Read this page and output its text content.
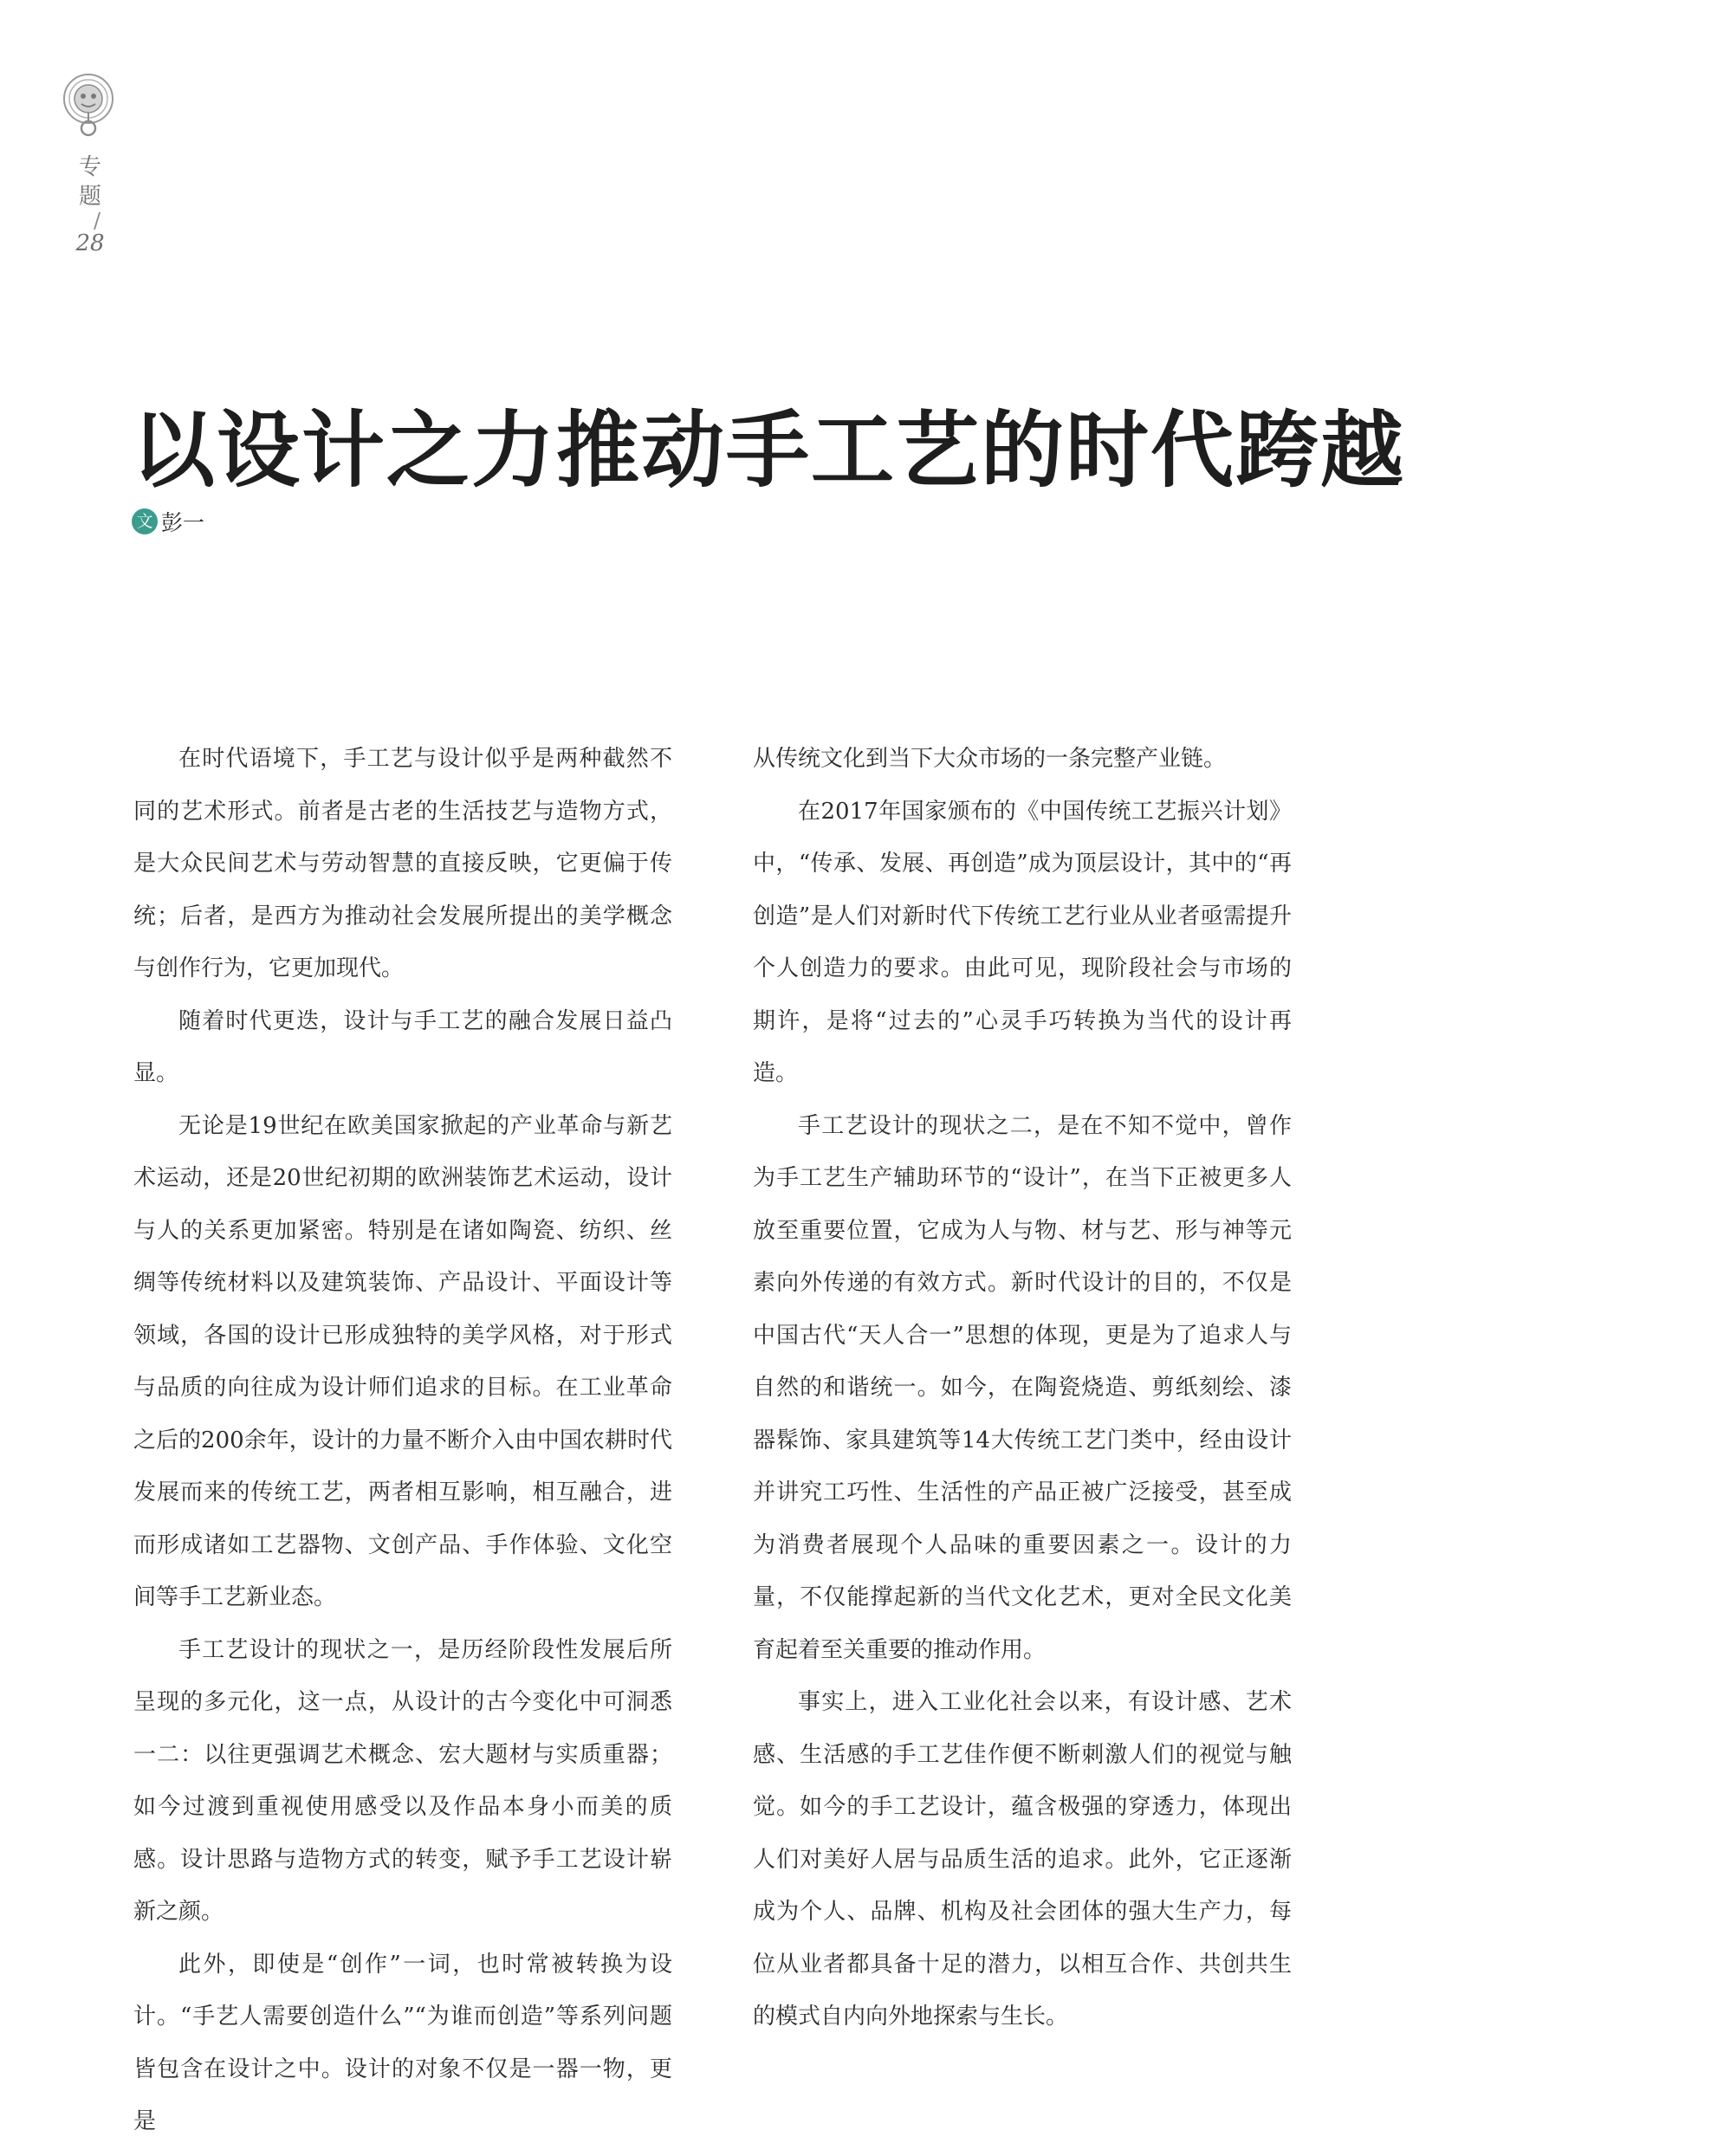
专
题
/
28
以设计之力推动手工艺的时代跨越
文 彭一

在时代语境下，手工艺与设计似乎是两种截然不同的艺术形式。前者是古老的生活技艺与造物方式，是大众民间艺术与劳动智慧的直接反映，它更偏于传统；后者，是西方为推动社会发展所提出的美学概念与创作行为，它更加现代。

随着时代更迭，设计与手工艺的融合发展日益凸显。

无论是19世纪在欧美国家掀起的产业革命与新艺术运动，还是20世纪初期的欧洲装饰艺术运动，设计与人的关系更加紧密。特别是在诸如陶瓷、纺织、丝绸等传统材料以及建筑装饰、产品设计、平面设计等领域，各国的设计已形成独特的美学风格，对于形式与品质的向往成为设计师们追求的目标。在工业革命之后的200余年，设计的力量不断介入由中国农耕时代发展而来的传统工艺，两者相互影响，相互融合，进而形成诸如工艺器物、文创产品、手作体验、文化空间等手工艺新业态。

手工艺设计的现状之一，是历经阶段性发展后所呈现的多元化，这一点，从设计的古今变化中可洞悉一二：以往更强调艺术概念、宏大题材与实质重器；如今过渡到重视使用感受以及作品本身小而美的质感。设计思路与造物方式的转变，赋予手工艺设计崭新之颜。

此外，即使是“创作”一词，也时常被转换为设计。“手艺人需要创造什么”“为谁而创造”等系列问题皆包含在设计之中。设计的对象不仅是一器一物，更是

从传统文化到当下大众市场的一条完整产业链。

在2017年国家颁布的《中国传统工艺振兴计划》中，“传承、发展、再创造”成为顶层设计，其中的“再创造”是人们对新时代下传统工艺行业从业者亟需提升个人创造力的要求。由此可见，现阶段社会与市场的期许，是将“过去的”心灵手巧转换为当代的设计再造。

手工艺设计的现状之二，是在不知不觉中，曾作为手工艺生产辅助环节的“设计”，在当下正被更多人放至重要位置，它成为人与物、材与艺、形与神等元素向外传递的有效方式。新时代设计的目的，不仅是中国古代“天人合一”思想的体现，更是为了追求人与自然的和谐统一。如今，在陶瓷烧造、剪纸刻绘、漆器髹饰、家具建筑等14大传统工艺门类中，经由设计并讲究工巧性、生活性的产品正被广泛接受，甚至成为消费者展现个人品味的重要因素之一。设计的力量，不仅能撑起新的当代文化艺术，更对全民文化美育起着至关重要的推动作用。

事实上，进入工业化社会以来，有设计感、艺术感、生活感的手工艺佳作便不断刺激人们的视觉与触觉。如今的手工艺设计，蕴含极强的穿透力，体现出人们对美好人居与品质生活的追求。此外，它正逐渐成为个人、品牌、机构及社会团体的强大生产力，每位从业者都具备十足的潜力，以相互合作、共创共生的模式自内向外地探索与生长。
